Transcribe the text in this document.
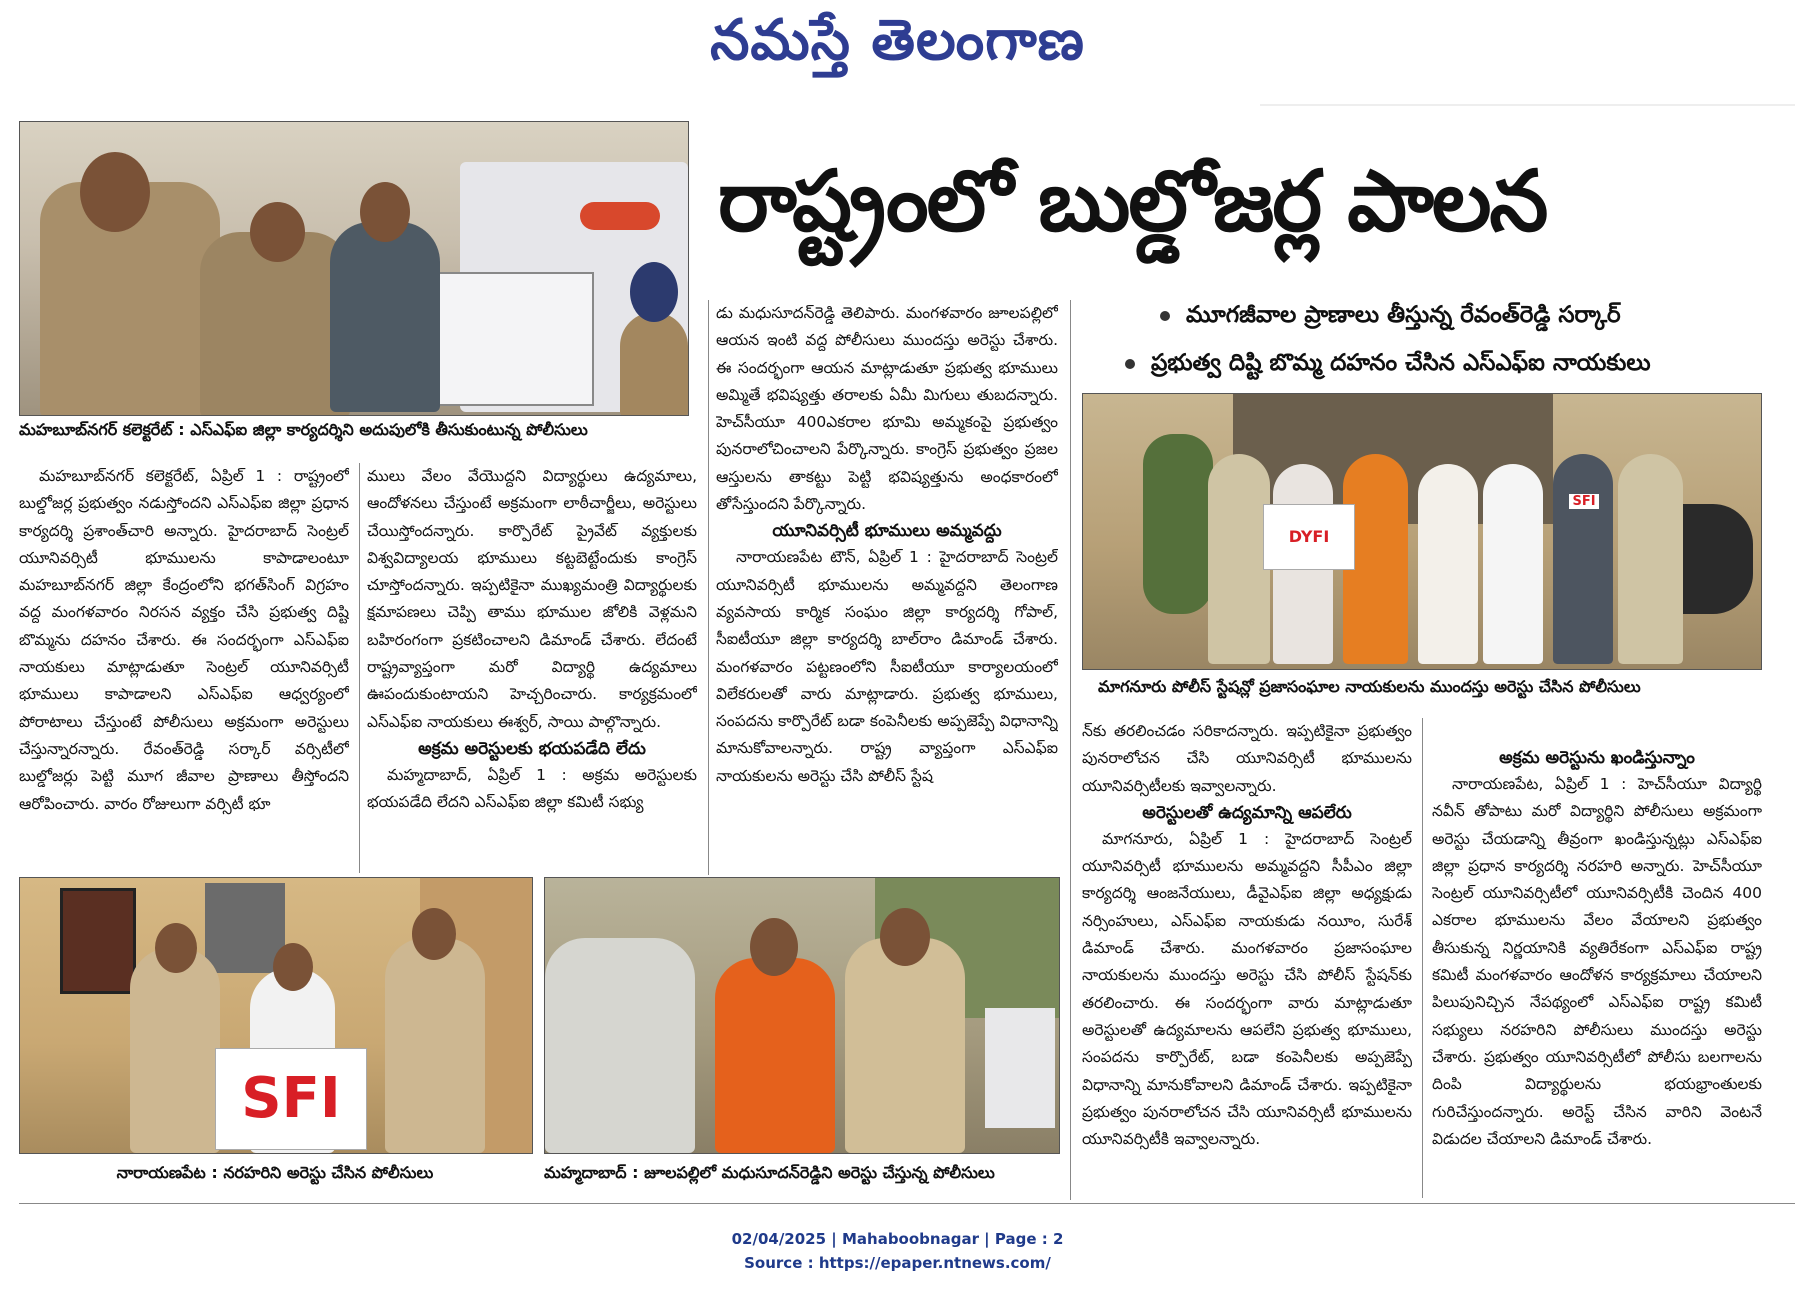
నమస్తే తెలంగాణ
మహబూబ్‌నగర్ కలెక్టరేట్ : ఎస్‌ఎఫ్ఐ జిల్లా కార్యదర్శిని అదుపులోకి తీసుకుంటున్న పోలీసులు
రాష్ట్రంలో బుల్డోజర్ల పాలన
మూగజీవాల ప్రాణాలు తీస్తున్న రేవంత్‌రెడ్డి సర్కార్
ప్రభుత్వ దిష్టి బొమ్మ దహనం చేసిన ఎస్‌ఎఫ్ఐ నాయకులు
DYFI
SFI
మాగనూరు పోలీస్ స్టేషన్లో ప్రజాసంఘాల నాయకులను ముందస్తు అరెస్టు చేసిన పోలీసులు

మహబూబ్‌నగర్ కలెక్టరేట్, ఏప్రిల్ 1 : రాష్ట్రంలో బుల్డోజర్ల ప్రభుత్వం నడుస్తోందని ఎస్‌ఎఫ్ఐ జిల్లా ప్రధాన కార్యదర్శి ప్రశాంత్‌చారి అన్నారు. హైదరాబాద్ సెంట్రల్ యూనివర్సిటీ భూములను కాపాడాలంటూ మహబూబ్‌నగర్ జిల్లా కేంద్రంలోని భగత్‌సింగ్ విగ్రహం వద్ద మంగళవారం నిరసన వ్యక్తం చేసి ప్రభుత్వ దిష్టి బొమ్మను దహనం చేశారు. ఈ సందర్భంగా ఎస్‌ఎఫ్ఐ నాయకులు మాట్లాడుతూ సెంట్రల్ యూనివర్సిటీ భూములు కాపాడాలని ఎస్‌ఎఫ్ఐ ఆధ్వర్యంలో పోరాటాలు చేస్తుంటే పోలీసులు అక్రమంగా అరెస్టులు చేస్తున్నారన్నారు. రేవంత్‌రెడ్డి సర్కార్ వర్సిటీలో బుల్డోజర్లు పెట్టి మూగ జీవాల ప్రాణాలు తీస్తోందని ఆరోపించారు. వారం రోజులుగా వర్సిటీ భూ

ములు వేలం వేయొద్దని విద్యార్థులు ఉద్యమాలు, ఆందోళనలు చేస్తుంటే అక్రమంగా లాఠీచార్జీలు, అరెస్టులు చేయిస్తోందన్నారు. కార్పొరేట్ ప్రైవేట్ వ్యక్తులకు విశ్వవిద్యాలయ భూములు కట్టబెట్టేందుకు కాంగ్రెస్ చూస్తోందన్నారు. ఇప్పటికైనా ముఖ్యమంత్రి విద్యార్థులకు క్షమాపణలు చెప్పి తాము భూముల జోలికి వెళ్లమని బహిరంగంగా ప్రకటించాలని డిమాండ్ చేశారు. లేదంటే రాష్ట్రవ్యాప్తంగా మరో విద్యార్థి ఉద్యమాలు ఊపందుకుంటాయని హెచ్చరించారు. కార్యక్రమంలో ఎస్‌ఎఫ్ఐ నాయకులు ఈశ్వర్, సాయి పాల్గొన్నారు.

అక్రమ అరెస్టులకు భయపడేది లేదు

మహ్మదాబాద్, ఏప్రిల్ 1 : అక్రమ అరెస్టులకు భయపడేది లేదని ఎస్‌ఎఫ్ఐ జిల్లా కమిటీ సభ్యు

డు మధుసూదన్‌రెడ్డి తెలిపారు. మంగళవారం జూలపల్లిలో ఆయన ఇంటి వద్ద పోలీసులు ముందస్తు అరెస్టు చేశారు. ఈ సందర్భంగా ఆయన మాట్లాడుతూ ప్రభుత్వ భూములు అమ్మితే భవిష్యత్తు తరాలకు ఏమీ మిగులు తుబదన్నారు. హెచ్‌సీయూ 400ఎకరాల భూమి అమ్మకంపై ప్రభుత్వం పునరాలోచించాలని పేర్కొన్నారు. కాంగ్రెస్ ప్రభుత్వం ప్రజల ఆస్తులను తాకట్టు పెట్టి భవిష్యత్తును అంధకారంలో తోసేస్తుందని పేర్కొన్నారు.

యూనివర్సిటీ భూములు అమ్మవద్దు

నారాయణపేట టౌన్, ఏప్రిల్ 1 : హైదరాబాద్ సెంట్రల్ యూనివర్సిటీ భూములను అమ్మవద్దని తెలంగాణ వ్యవసాయ కార్మిక సంఘం జిల్లా కార్యదర్శి గోపాల్, సీఐటీయూ జిల్లా కార్యదర్శి బాల్‌రాం డిమాండ్ చేశారు. మంగళవారం పట్టణంలోని సీఐటీయూ కార్యాలయంలో విలేకరులతో వారు మాట్లాడారు. ప్రభుత్వ భూములు, సంపదను కార్పొరేట్ బడా కంపెనీలకు అప్పజెప్పే విధానాన్ని మానుకోవాలన్నారు. రాష్ట్ర వ్యాప్తంగా ఎస్‌ఎఫ్ఐ నాయకులను అరెస్టు చేసి పోలీస్ స్టేష

న్‌కు తరలించడం సరికాదన్నారు. ఇప్పటికైనా ప్రభుత్వం పునరాలోచన చేసి యూనివర్సిటీ భూములను యూనివర్సిటీలకు ఇవ్వాలన్నారు.

అరెస్టులతో ఉద్యమాన్ని ఆపలేరు

మాగనూరు, ఏప్రిల్ 1 : హైదరాబాద్ సెంట్రల్ యూనివర్సిటీ భూములను అమ్మవద్దని సీపీఎం జిల్లా కార్యదర్శి ఆంజనేయులు, డీవైఎఫ్ఐ జిల్లా అధ్యక్షుడు నర్సింహులు, ఎస్‌ఎఫ్ఐ నాయకుడు నయీం, సురేశ్ డిమాండ్ చేశారు. మంగళవారం ప్రజాసంఘాల నాయకులను ముందస్తు అరెస్టు చేసి పోలీస్ స్టేషన్‌కు తరలించారు. ఈ సందర్భంగా వారు మాట్లాడుతూ అరెస్టులతో ఉద్యమాలను ఆపలేని ప్రభుత్వ భూములు, సంపదను కార్పొరేట్, బడా కంపెనీలకు అప్పజెప్పే విధానాన్ని మానుకోవాలని డిమాండ్ చేశారు. ఇప్పటికైనా ప్రభుత్వం పునరాలోచన చేసి యూనివర్సిటీ భూములను యూనివర్సిటీకి ఇవ్వాలన్నారు.

అక్రమ అరెస్టును ఖండిస్తున్నాం

నారాయణపేట, ఏప్రిల్ 1 : హెచ్‌సీయూ విద్యార్థి నవీన్ తోపాటు మరో విద్యార్థిని పోలీసులు అక్రమంగా అరెస్టు చేయడాన్ని తీవ్రంగా ఖండిస్తున్నట్లు ఎస్‌ఎఫ్ఐ జిల్లా ప్రధాన కార్యదర్శి నరహరి అన్నారు. హెచ్‌సీయూ సెంట్రల్ యూనివర్సిటీలో యూనివర్సిటీకి చెందిన 400 ఎకరాల భూములను వేలం వేయాలని ప్రభుత్వం తీసుకున్న నిర్ణయానికి వ్యతిరేకంగా ఎస్‌ఎఫ్ఐ రాష్ట్ర కమిటీ మంగళవారం ఆందోళన కార్యక్రమాలు చేయాలని పిలుపునిచ్చిన నేపథ్యంలో ఎస్‌ఎఫ్ఐ రాష్ట్ర కమిటీ సభ్యులు నరహరిని పోలీసులు ముందస్తు అరెస్టు చేశారు. ప్రభుత్వం యూనివర్సిటీలో పోలీసు బలగాలను దింపి విద్యార్థులను భయభ్రాంతులకు గురిచేస్తుందన్నారు. అరెస్ట్ చేసిన వారిని వెంటనే విడుదల చేయాలని డిమాండ్ చేశారు.

SFI
నారాయణపేట : నరహరిని అరెస్టు చేసిన పోలీసులు	మహ్మదాబాద్ : జూలపల్లిలో మధుసూదన్‌రెడ్డిని అరెస్టు చేస్తున్న పోలీసులు
02/04/2025 | Mahaboobnagar | Page : 2
Source : https://epaper.ntnews.com/
